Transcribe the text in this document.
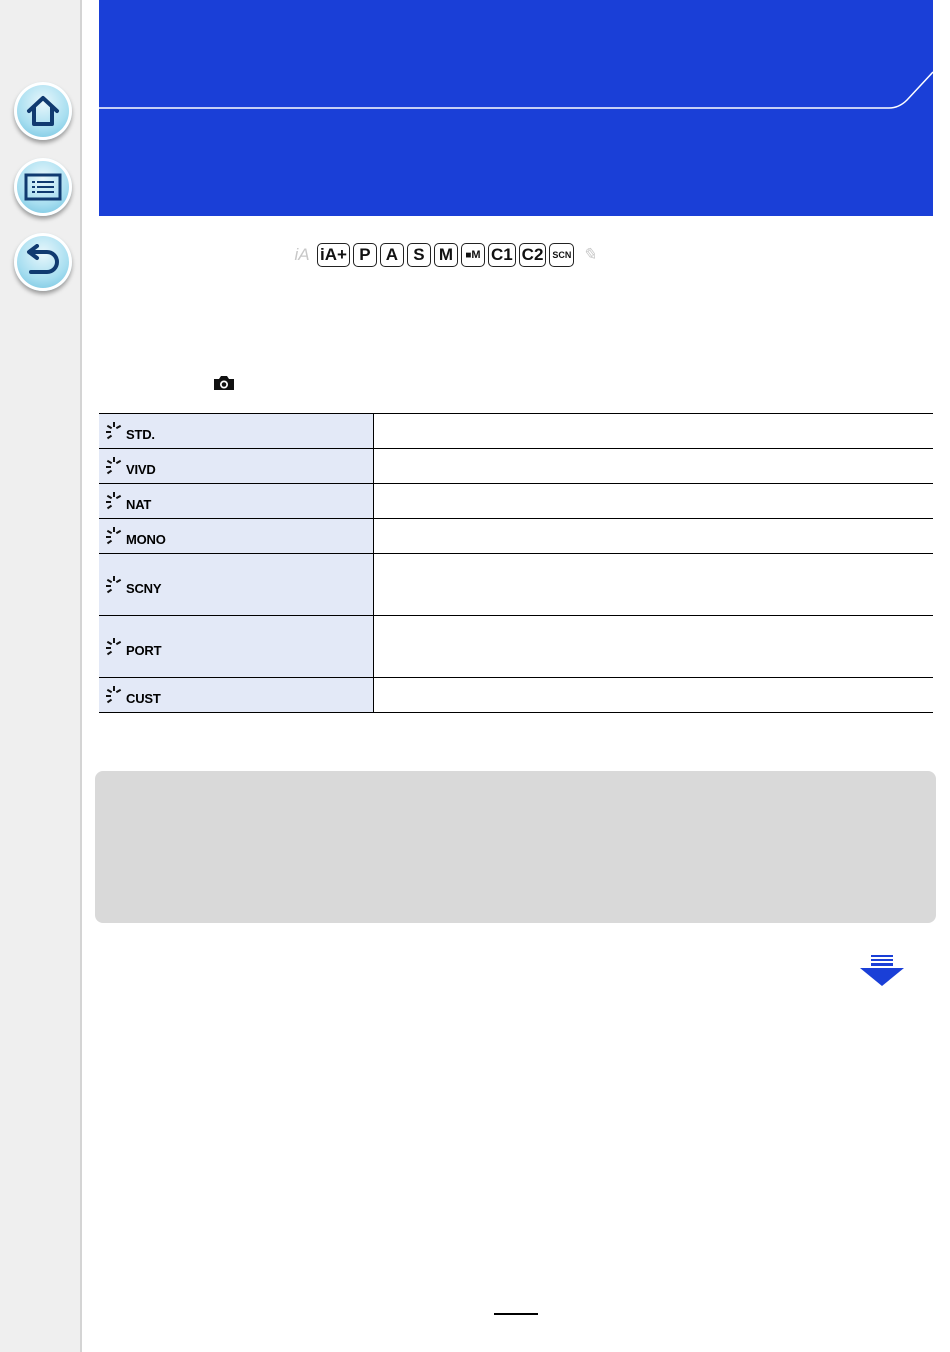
iA iA+ P A S M	■ M C1 C2	SCN ✎
STD.	

VIVD	

NAT	

MONO	

SCNY	

PORT	

CUST	
